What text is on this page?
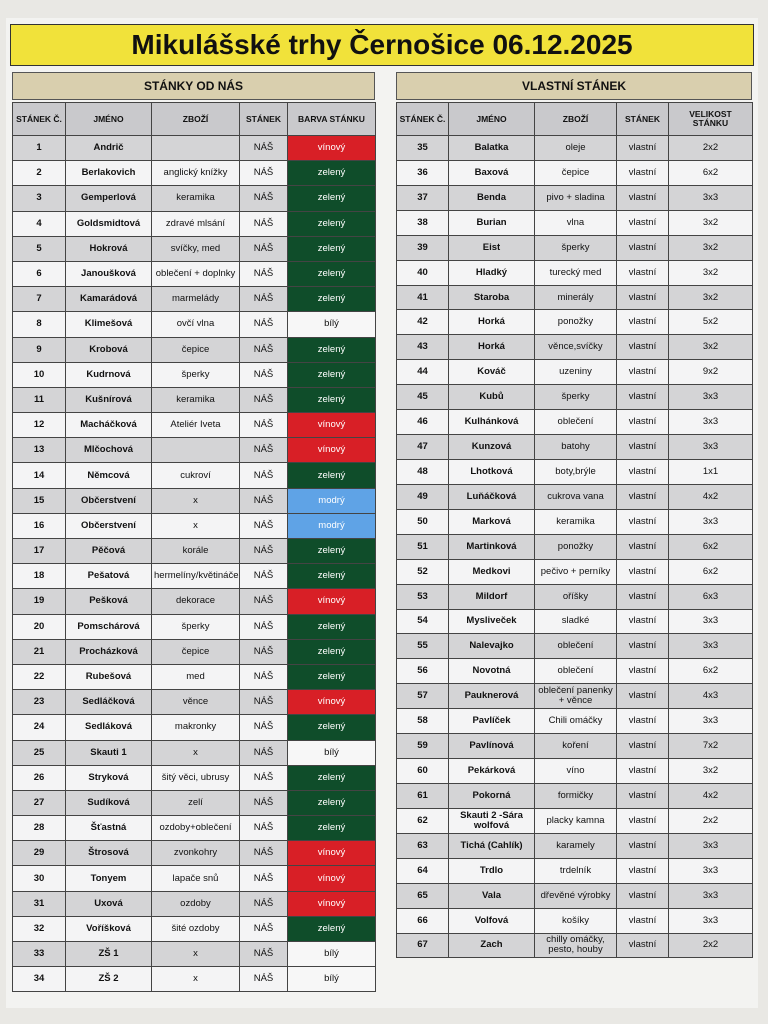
Mikulášské trhy Černošice 06.12.2025
STÁNKY OD NÁS	VLASTNÍ STÁNEK
STÁNEK Č.	JMÉNO	ZBOŽÍ	STÁNEK	BARVA STÁNKU
1	Andrič		NÁŠ	vínový
2	Berlakovich	anglický knížky	NÁŠ	zelený
3	Gemperlová	keramika	NÁŠ	zelený
4	Goldsmidtová	zdravé mlsání	NÁŠ	zelený
5	Hokrová	svíčky, med	NÁŠ	zelený
6	Janoušková	oblečení + doplnky	NÁŠ	zelený
7	Kamarádová	marmelády	NÁŠ	zelený
8	Klimešová	ovčí vlna	NÁŠ	bílý
9	Krobová	čepice	NÁŠ	zelený
10	Kudrnová	šperky	NÁŠ	zelený
11	Kušnírová	keramika	NÁŠ	zelený
12	Macháčková	Ateliér Iveta	NÁŠ	vínový
13	Mlčochová		NÁŠ	vínový
14	Němcová	cukroví	NÁŠ	zelený
15	Občerstvení	x	NÁŠ	modrý
16	Občerstvení	x	NÁŠ	modrý
17	Pěčová	korále	NÁŠ	zelený
18	Pešatová	hermelíny/květináče	NÁŠ	zelený
19	Pešková	dekorace	NÁŠ	vínový
20	Pomschárová	šperky	NÁŠ	zelený
21	Procházková	čepice	NÁŠ	zelený
22	Rubešová	med	NÁŠ	zelený
23	Sedláčková	věnce	NÁŠ	vínový
24	Sedláková	makronky	NÁŠ	zelený
25	Skauti 1	x	NÁŠ	bílý
26	Stryková	šitý věci, ubrusy	NÁŠ	zelený
27	Sudíková	zelí	NÁŠ	zelený
28	Šťastná	ozdoby+oblečení	NÁŠ	zelený
29	Štrosová	zvonkohry	NÁŠ	vínový
30	Tonyem	lapače snů	NÁŠ	vínový
31	Uxová	ozdoby	NÁŠ	vínový
32	Voříšková	šité ozdoby	NÁŠ	zelený
33	ZŠ 1	x	NÁŠ	bílý
34	ZŠ 2	x	NÁŠ	bílý
STÁNEK Č.	JMÉNO	ZBOŽÍ	STÁNEK	VELIKOST STÁNKU
35	Balatka	oleje	vlastní	2x2
36	Baxová	čepice	vlastní	6x2
37	Benda	pivo + sladina	vlastní	3x3
38	Burian	vlna	vlastní	3x2
39	Eist	šperky	vlastní	3x2
40	Hladký	turecký med	vlastní	3x2
41	Staroba	minerály	vlastní	3x2
42	Horká	ponožky	vlastní	5x2
43	Horká	věnce,svíčky	vlastní	3x2
44	Kováč	uzeniny	vlastní	9x2
45	Kubů	šperky	vlastní	3x3
46	Kulhánková	oblečení	vlastní	3x3
47	Kunzová	batohy	vlastní	3x3
48	Lhotková	boty,brýle	vlastní	1x1
49	Luňáčková	cukrova vana	vlastní	4x2
50	Marková	keramika	vlastní	3x3
51	Martinková	ponožky	vlastní	6x2
52	Medkovi	pečivo + perníky	vlastní	6x2
53	Mildorf	oříšky	vlastní	6x3
54	Mysliveček	sladké	vlastní	3x3
55	Nalevajko	oblečení	vlastní	3x3
56	Novotná	oblečení	vlastní	6x2
57	Pauknerová	oblečení panenky + věnce	vlastní	4x3
58	Pavlíček	Chili omáčky	vlastní	3x3
59	Pavlínová	koření	vlastní	7x2
60	Pekárková	víno	vlastní	3x2
61	Pokorná	formičky	vlastní	4x2
62	Skauti 2 -Sára wolfová	placky kamna	vlastní	2x2
63	Tichá (Cahlík)	karamely	vlastní	3x3
64	Trdlo	trdelník	vlastní	3x3
65	Vala	dřevěné výrobky	vlastní	3x3
66	Volfová	košíky	vlastní	3x3
67	Zach	chilly omáčky, pesto, houby	vlastní	2x2
